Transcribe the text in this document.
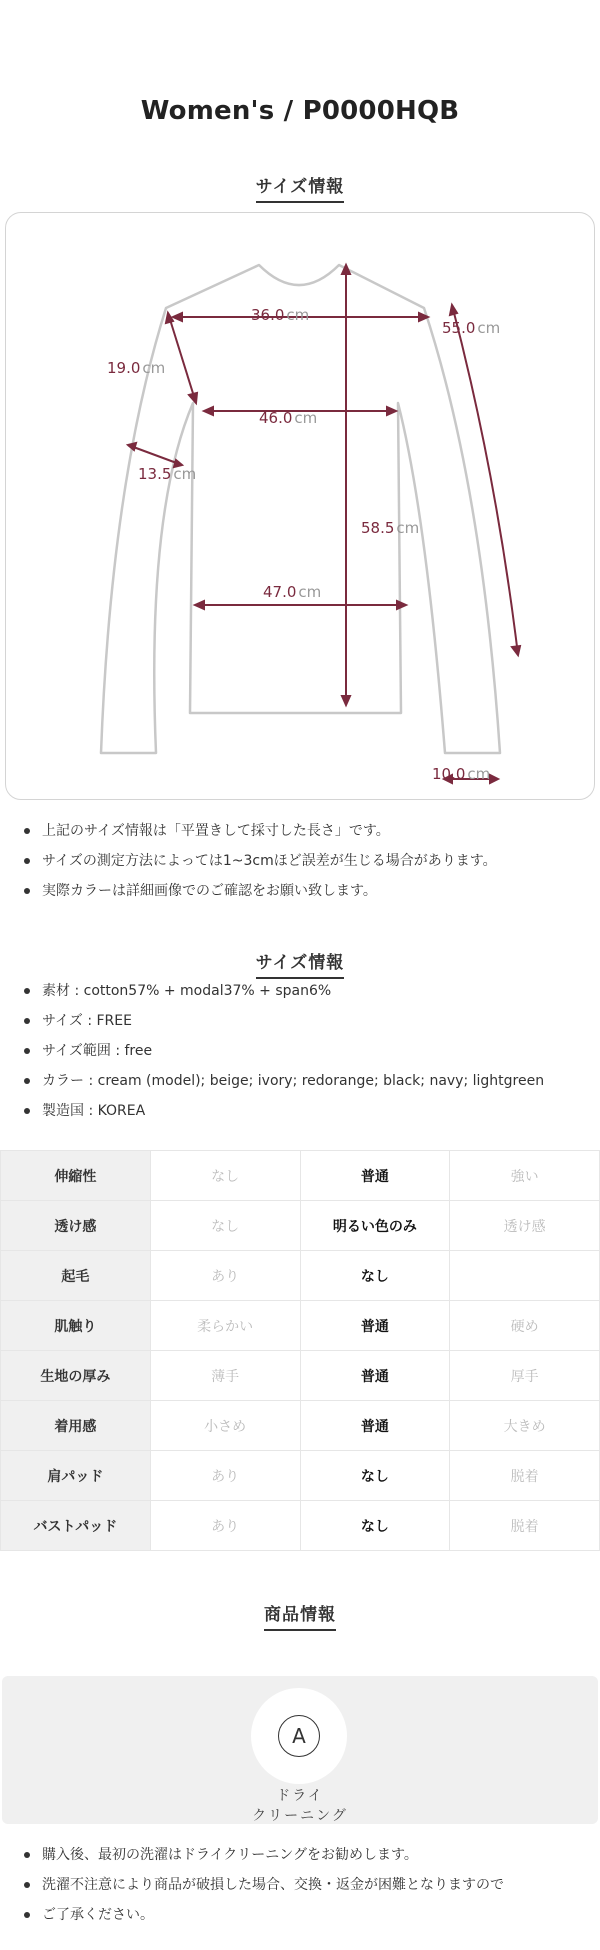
Women's / P0000HQB
サイズ情報
36.0 cm
55.0 cm
19.0 cm
46.0 cm
13.5 cm
58.5 cm
47.0 cm
10.0 cm
上記のサイズ情報は「平置きして採寸した長さ」です。
サイズの測定方法によっては1~3cmほど誤差が生じる場合があります。
実際カラーは詳細画像でのご確認をお願い致します。
サイズ情報
素材 : cotton57% + modal37% + span6%
サイズ : FREE
サイズ範囲 : free
カラー : cream (model); beige; ivory; redorange; black; navy; lightgreen
製造国 : KOREA
伸縮性	なし	普通	強い
透け感	なし	明るい色のみ	透け感
起毛	あり	なし	
肌触り	柔らかい	普通	硬め
生地の厚み	薄手	普通	厚手
着用感	小さめ	普通	大きめ
肩パッド	あり	なし	脱着
バストパッド	あり	なし	脱着
商品情報
A
ドライ
クリーニング
購入後、最初の洗濯はドライクリーニングをお勧めします。
洗濯不注意により商品が破損した場合、交換・返金が困難となりますので
ご了承ください。
